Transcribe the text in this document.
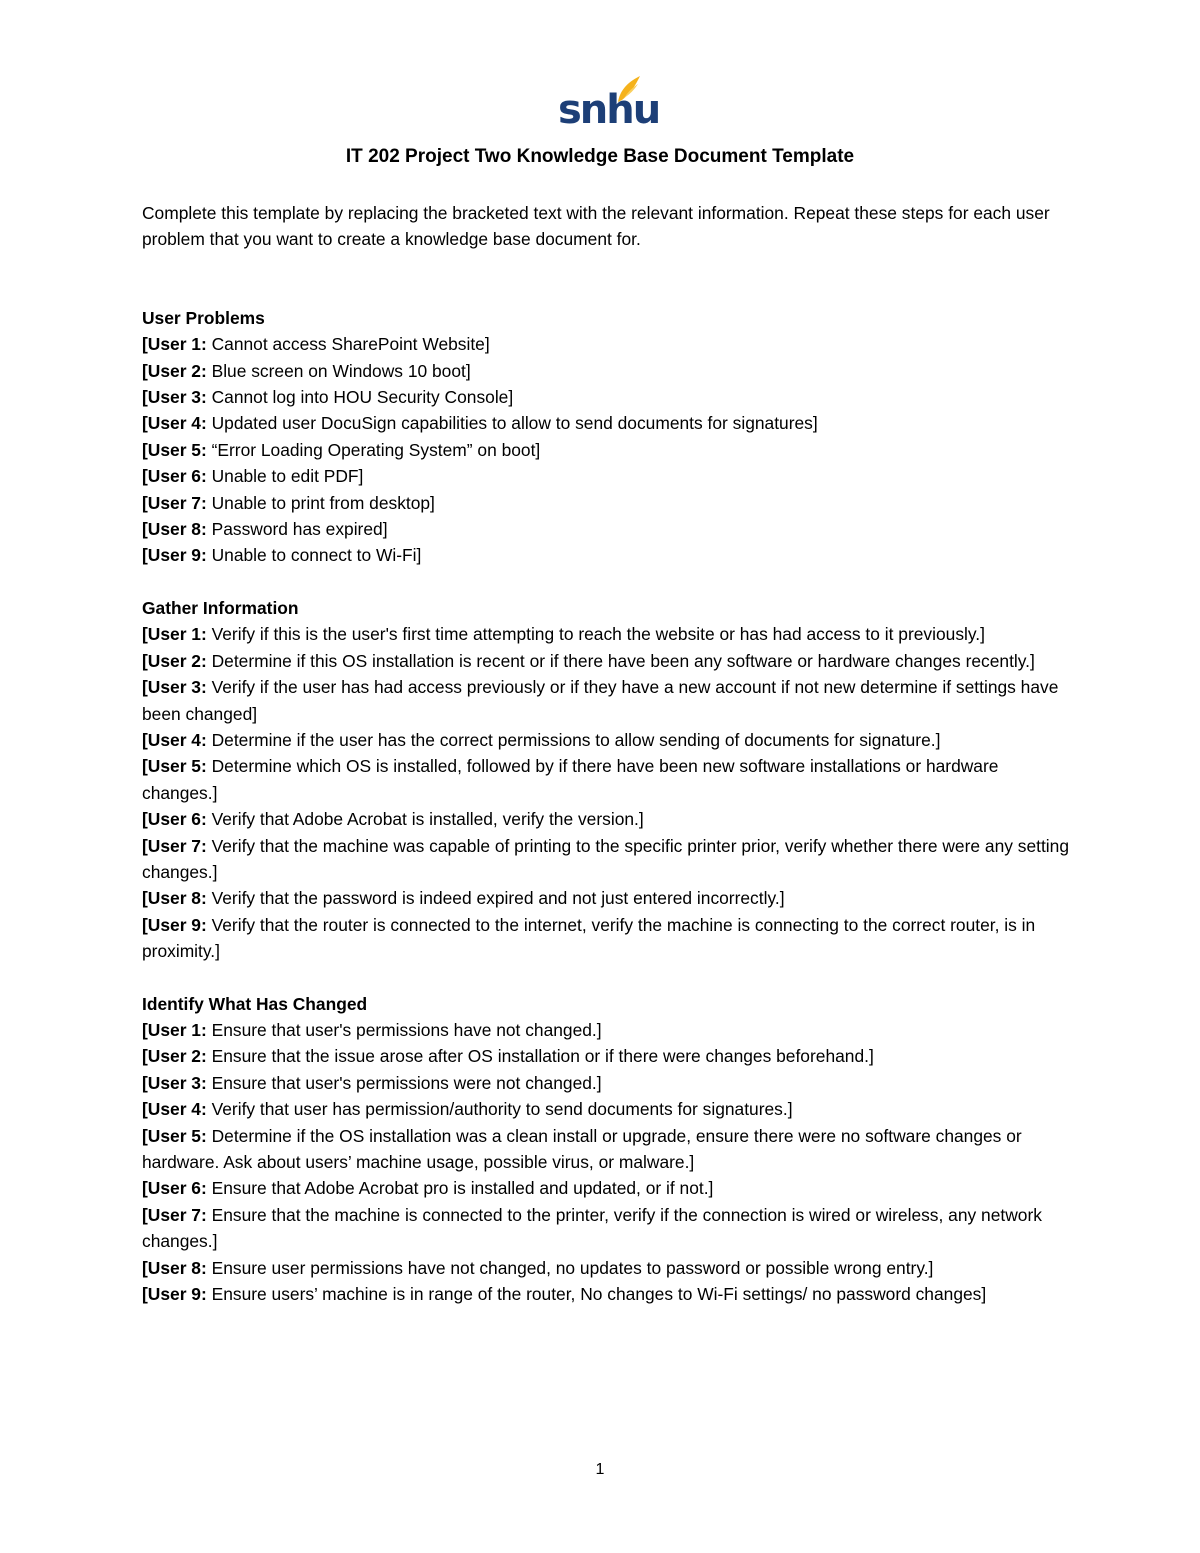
snhu
IT 202 Project Two Knowledge Base Document Template

Complete this template by replacing the bracketed text with the relevant information. Repeat these steps for each user problem that you want to create a knowledge base document for.

User Problems

[User 1: Cannot access SharePoint Website]

[User 2: Blue screen on Windows 10 boot]

[User 3: Cannot log into HOU Security Console]

[User 4: Updated user DocuSign capabilities to allow to send documents for signatures]

[User 5: “Error Loading Operating System” on boot]

[User 6: Unable to edit PDF]

[User 7: Unable to print from desktop]

[User 8: Password has expired]

[User 9: Unable to connect to Wi-Fi]

Gather Information

[User 1: Verify if this is the user's first time attempting to reach the website or has had access to it previously.]

[User 2: Determine if this OS installation is recent or if there have been any software or hardware changes recently.]

[User 3: Verify if the user has had access previously or if they have a new account if not new determine if settings have been changed]

[User 4: Determine if the user has the correct permissions to allow sending of documents for signature.]

[User 5: Determine which OS is installed, followed by if there have been new software installations or hardware changes.]

[User 6: Verify that Adobe Acrobat is installed, verify the version.]

[User 7: Verify that the machine was capable of printing to the specific printer prior, verify whether there were any setting changes.]

[User 8: Verify that the password is indeed expired and not just entered incorrectly.]

[User 9: Verify that the router is connected to the internet, verify the machine is connecting to the correct router, is in proximity.]

Identify What Has Changed

[User 1: Ensure that user's permissions have not changed.]

[User 2: Ensure that the issue arose after OS installation or if there were changes beforehand.]

[User 3: Ensure that user's permissions were not changed.]

[User 4: Verify that user has permission/authority to send documents for signatures.]

[User 5: Determine if the OS installation was a clean install or upgrade, ensure there were no software changes or hardware. Ask about users’ machine usage, possible virus, or malware.]

[User 6: Ensure that Adobe Acrobat pro is installed and updated, or if not.]

[User 7: Ensure that the machine is connected to the printer, verify if the connection is wired or wireless, any network changes.]

[User 8: Ensure user permissions have not changed, no updates to password or possible wrong entry.]

[User 9: Ensure users’ machine is in range of the router, No changes to Wi-Fi settings/ no password changes]

1
